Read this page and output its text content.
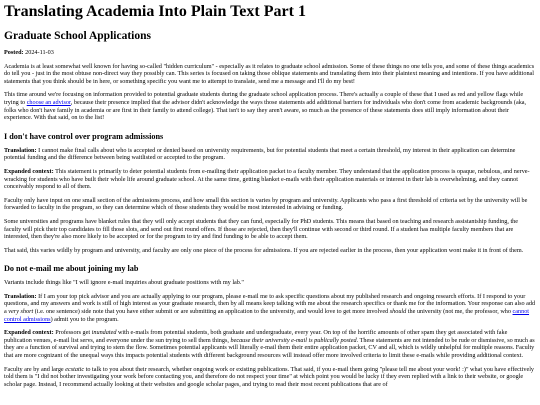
Translating Academia Into Plain Text Part 1
Graduate School Applications

Posted: 2024-11-03

Academia is at least somewhat well known for having so-called "hidden curriculum" - especially as it relates to graduate school admission. Some of these things no one tells you, and some of these things academics do tell you - just in the most obtuse non-direct way they possibly can. This series is focused on taking those oblique statements and translating them into their plaintext meaning and intentions. If you have additional statements that you think should be in here, or something specific you want me to attempt to translate, send me a message and I'll do my best!

This time around we're focusing on information provided to potential graduate students during the graduate school application process. There's actually a couple of these that I used as red and yellow flags while trying to choose an advisor, because their presence implied that the advisor didn't acknowledge the ways those statements add additional barriers for individuals who don't come from academic backgrounds (aka, folks who don't have family in academia or are first in their family to attend college). That isn't to say they aren't aware, so much as the presence of these statements does still imply information about their experience. With that said, on to the list!

I don't have control over program admissions

Translation: I cannot make final calls about who is accepted or denied based on university requirements, but for potential students that meet a certain threshold, my interest in their application can determine potential funding and the difference between being waitlisted or accepted to the program.

Expanded context: This statement is primarily to deter potential students from e-mailing their application packet to a faculty member. They understand that the application process is opaque, nebulous, and nerve-wracking for students who have built their whole life around graduate school. At the same time, getting blanket e-mails with their application materials or interest in their lab is overwhelming, and they cannot conceivably respond to all of them.

Faculty only have input on one small section of the admissions process, and how small this section is varies by program and university. Applicants who pass a first threshold of criteria set by the university will be forwarded to faculty in the program, so they can determine which of those students they would be most interested in advising or funding.

Some universities and programs have blanket rules that they will only accept students that they can fund, especially for PhD students. This means that based on teaching and research assistantship funding, the faculty will pick their top candidates to fill those slots, and send out first round offers. If those are rejected, then they'll continue with second or third round. If a student has multiple faculty members that are interested, then they're also more likely to be accepted or for the program to try and find funding to be able to accept them.

That said, this varies wildly by program and university, and faculty are only one piece of the process for admissions. If you are rejected earlier in the process, then your application wont make it in front of them.

Do not e-mail me about joining my lab

Variants include things like "I will ignore e-mail inquiries about graduate positions with my lab."

Translation: If I am your top pick advisor and you are actually applying to our program, please e-mail me to ask specific questions about my published research and ongoing research efforts. If I respond to your questions, and my answers and work is still of high interest as your graduate research, then by all means keep talking with me about the research specifics or thank me for the information. Your response can also add a very short (i.e. one sentence) side note that you have either submit or are submitting an application to the university, and would love to get more involved should the university (not me, the professor, who cannot control admissions) admit you to the program.

Expanded context: Professors get inundated with e-mails from potential students, both graduate and undergraduate, every year. On top of the horrific amounts of other spam they get associated with fake publication venues, e-mail list servs, and everyone under the sun trying to sell them things, because their university e-mail is publically posted. These statements are not intended to be rude or dismissive, so much as they are a function of survival and trying to stem the flow. Sometimes potential applicants will literally e-mail them their entire application packet, CV and all, which is wildly unhelpful for multiple reasons. Faculty that are more cognizant of the unequal ways this impacts potential students with different background resources will instead offer more involved criteria to limit these e-mails while providing additional context.

Faculty are by and large ecstatic to talk to you about their research, whether ongoing work or existing publications. That said, if you e-mail them going "please tell me about your work! :)" what you have effectively told them is "I did not bother investigating your work before contacting you, and therefore do not respect your time" at which point you would be lucky if they even replied with a link to their website, or google scholar page. Instead, I recommend actually looking at their websites and google scholar pages, and trying to read their most recent publications that are of
